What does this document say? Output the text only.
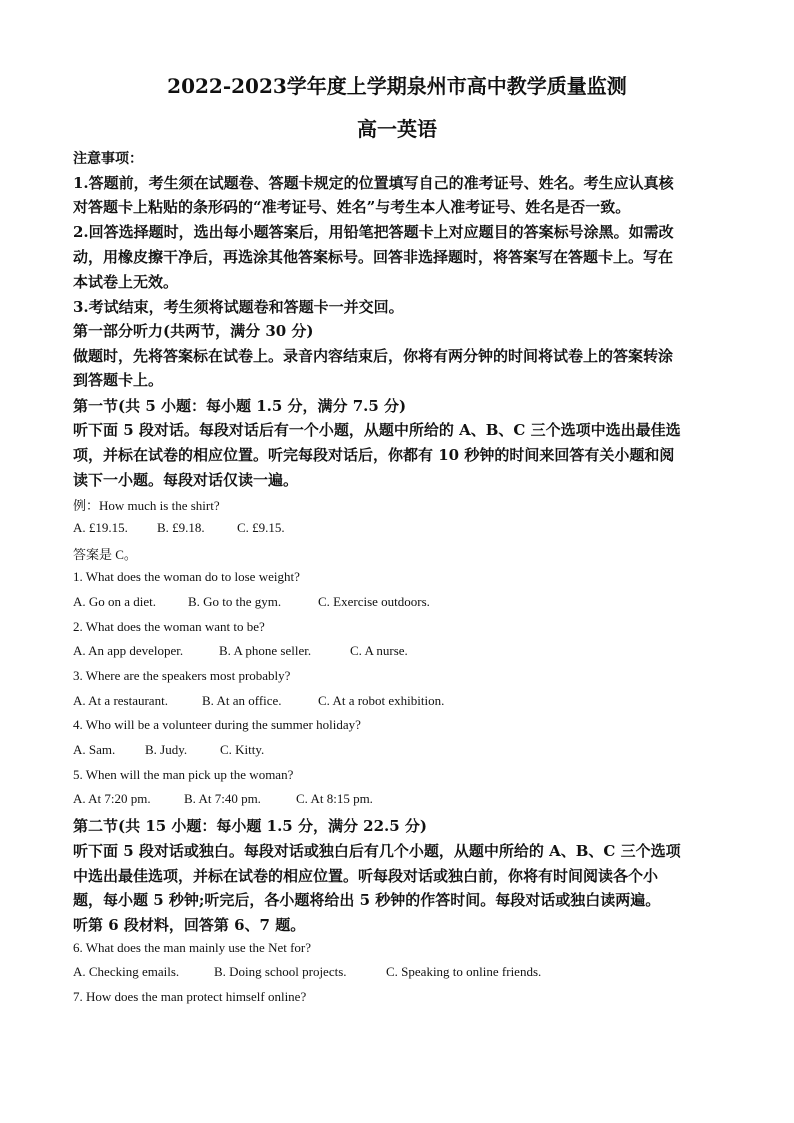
2022-2023学年度上学期泉州市高中教学质量监测
高一英语
注意事项：
1.答题前，考生须在试题卷、答题卡规定的位置填写自己的准考证号、姓名。考生应认真核
对答题卡上粘贴的条形码的“准考证号、姓名”与考生本人准考证号、姓名是否一致。
2.回答选择题时，选出每小题答案后，用铅笔把答题卡上对应题目的答案标号涂黑。如需改
动，用橡皮擦干净后，再选涂其他答案标号。回答非选择题时，将答案写在答题卡上。写在
本试卷上无效。
3.考试结束，考生须将试题卷和答题卡一并交回。
第一部分听力(共两节，满分 30 分)
做题时，先将答案标在试卷上。录音内容结束后，你将有两分钟的时间将试卷上的答案转涂
到答题卡上。
第一节(共 5 小题：每小题 1.5 分，满分 7.5 分)
听下面 5 段对话。每段对话后有一个小题，从题中所给的 A、B、C 三个选项中选出最佳选
项，并标在试卷的相应位置。听完每段对话后，你都有 10 秒钟的时间来回答有关小题和阅
读下一小题。每段对话仅读一遍。
例：How much is the shirt?
A. £19.15. B. £9.18. C. £9.15.
答案是 C。
1. What does the woman do to lose weight?
A. Go on a diet. B. Go to the gym.	C. Exercise outdoors.
2. What does the woman want to be?
A. An app developer.	B. A phone seller.	C. A nurse.
3. Where are the speakers most probably?
A. At a restaurant.	B. At an office.	C. At a robot exhibition.
4. Who will be a volunteer during the summer holiday?
A. Sam. B. Judy.	C. Kitty.
5. When will the man pick up the woman?
A. At 7:20 pm.	B. At 7:40 pm.	C. At 8:15 pm.
第二节(共 15 小题：每小题 1.5 分，满分 22.5 分)
听下面 5 段对话或独白。每段对话或独白后有几个小题，从题中所给的 A、B、C 三个选项
中选出最佳选项，并标在试卷的相应位置。听每段对话或独白前，你将有时间阅读各个小
题，每小题 5 秒钟;听完后，各小题将给出 5 秒钟的作答时间。每段对话或独白读两遍。
听第 6 段材料，回答第 6、7 题。
6. What does the man mainly use the Net for?
A. Checking emails.	B. Doing school projects.	C. Speaking to online friends.
7. How does the man protect himself online?
